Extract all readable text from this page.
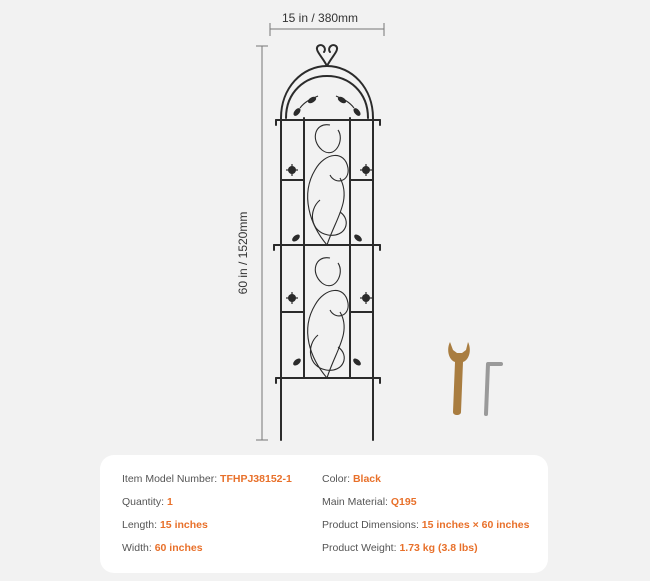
15 in / 380mm
60 in / 1520mm
Item Model Number: TFHPJ38152-1
Quantity: 1
Length: 15 inches
Width: 60 inches
Color: Black
Main Material: Q195
Product Dimensions: 15 inches × 60 inches
Product Weight: 1.73 kg (3.8 lbs)
